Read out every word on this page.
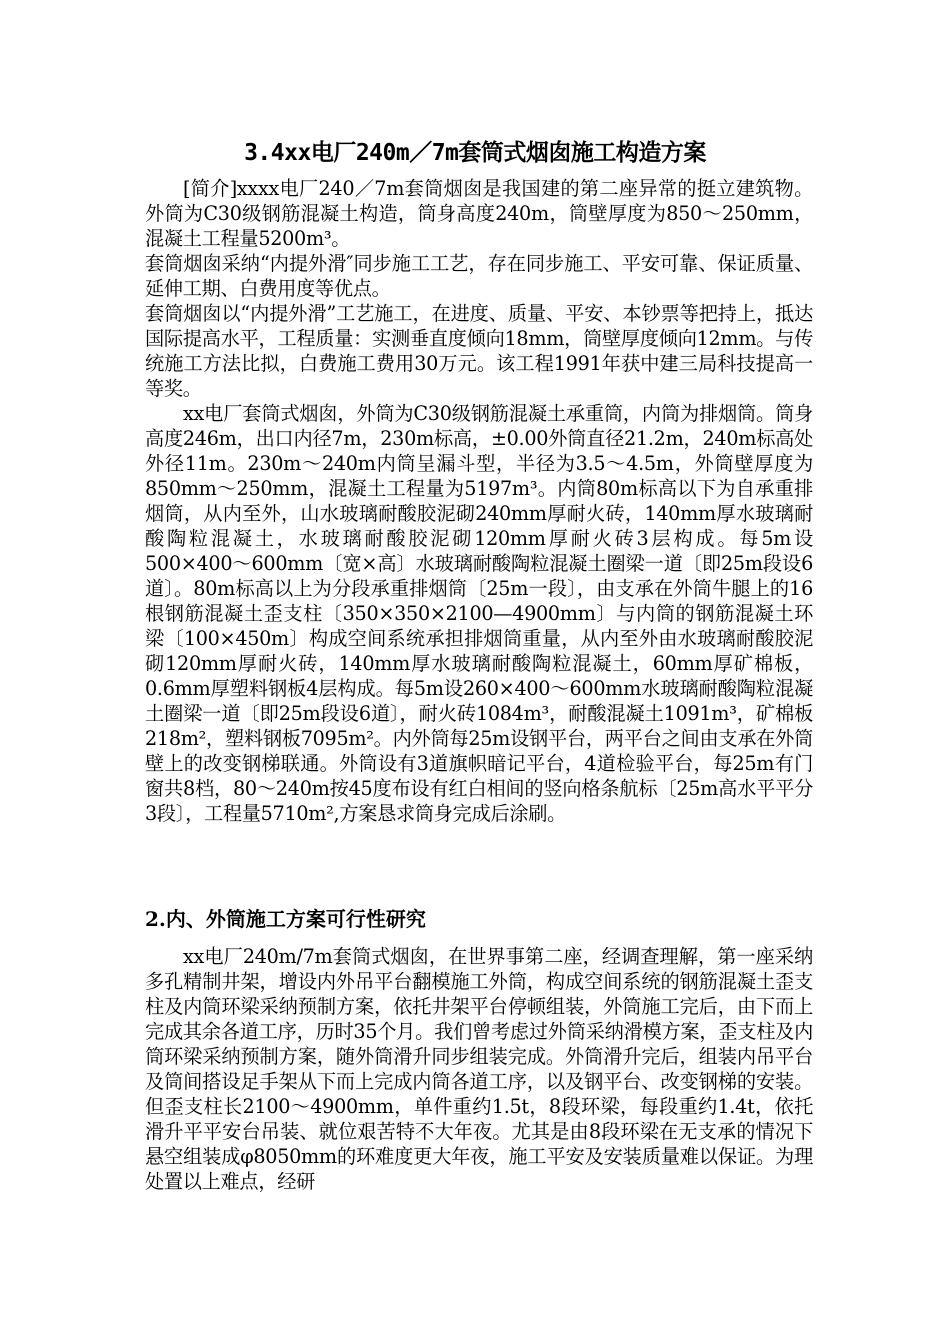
3.4xx电厂240m／7m套筒式烟囱施工构造方案

[简介]xxxx电厂240／7m套筒烟囱是我国建的第二座异常的挺立建筑物。外筒为C30级钢筋混凝土构造，筒身高度240m，筒壁厚度为850～250mm，混凝土工程量5200m³。

套筒烟囱采纳“内提外滑″同步施工工艺，存在同步施工、平安可靠、保证质量、延伸工期、白费用度等优点。

套筒烟囱以“内提外滑”工艺施工，在进度、质量、平安、本钞票等把持上，抵达国际提高水平，工程质量：实测垂直度倾向18mm，筒壁厚度倾向12mm。与传统施工方法比拟，白费施工费用30万元。该工程1991年获中建三局科技提高一等奖。

xx电厂套筒式烟囱，外筒为C30级钢筋混凝土承重筒，内筒为排烟筒。筒身高度246m，出口内径7m，230m标高，±0.00外筒直径21.2m，240m标高处外径11m。230m～240m内筒呈漏斗型，半径为3.5～4.5m，外筒壁厚度为850mm～250mm，混凝土工程量为5197m³。内筒80m标高以下为自承重排烟筒，从内至外，山水玻璃耐酸胶泥砌240mm厚耐火砖，140mm厚水玻璃耐酸陶粒混凝土，水玻璃耐酸胶泥砌120mm厚耐火砖3层构成。每5m设500×400～600mm〔宽×高〕水玻璃耐酸陶粒混凝土圈梁一道〔即25m段设6道〕。80m标高以上为分段承重排烟筒〔25m一段〕，由支承在外筒牛腿上的16根钢筋混凝土歪支柱〔350×350×2100—4900mm〕与内筒的钢筋混凝土环梁〔100×450m〕构成空间系统承担排烟筒重量，从内至外由水玻璃耐酸胶泥砌120mm厚耐火砖，140mm厚水玻璃耐酸陶粒混凝土，60mm厚矿棉板，0.6mm厚塑料钢板4层构成。每5m设260×400～600mm水玻璃耐酸陶粒混凝土圈梁一道〔即25m段设6道〕，耐火砖1084m³，耐酸混凝土1091m³，矿棉板218m²，塑料钢板7095m²。内外筒每25m设钢平台，两平台之间由支承在外筒壁上的改变钢梯联通。外筒设有3道旗帜暗记平台，4道检验平台，每25m有门窗共8档，80～240m按45度布设有红白相间的竖向格条航标〔25m高水平平分3段〕，工程量5710m²,方案恳求筒身完成后涂刷。

2.内、外筒施工方案可行性研究

xx电厂240m/7m套筒式烟囱，在世界事第二座，经调查理解，第一座采纳多孔精制井架，增设内外吊平台翻模施工外筒，构成空间系统的钢筋混凝土歪支柱及内筒环梁采纳预制方案，依托井架平台停顿组装，外筒施工完后，由下而上完成其余各道工序，历时35个月。我们曾考虑过外筒采纳滑模方案，歪支柱及内筒环梁采纳预制方案，随外筒滑升同步组装完成。外筒滑升完后，组装内吊平台及筒间搭设足手架从下而上完成内筒各道工序，以及钢平台、改变钢梯的安装。但歪支柱长2100～4900mm，单件重约1.5t，8段环梁，每段重约1.4t，依托滑升平平安台吊装、就位艰苦特不大年夜。尤其是由8段环梁在无支承的情况下悬空组装成φ8050mm的环难度更大年夜，施工平安及安装质量难以保证。为理处置以上难点，经研
